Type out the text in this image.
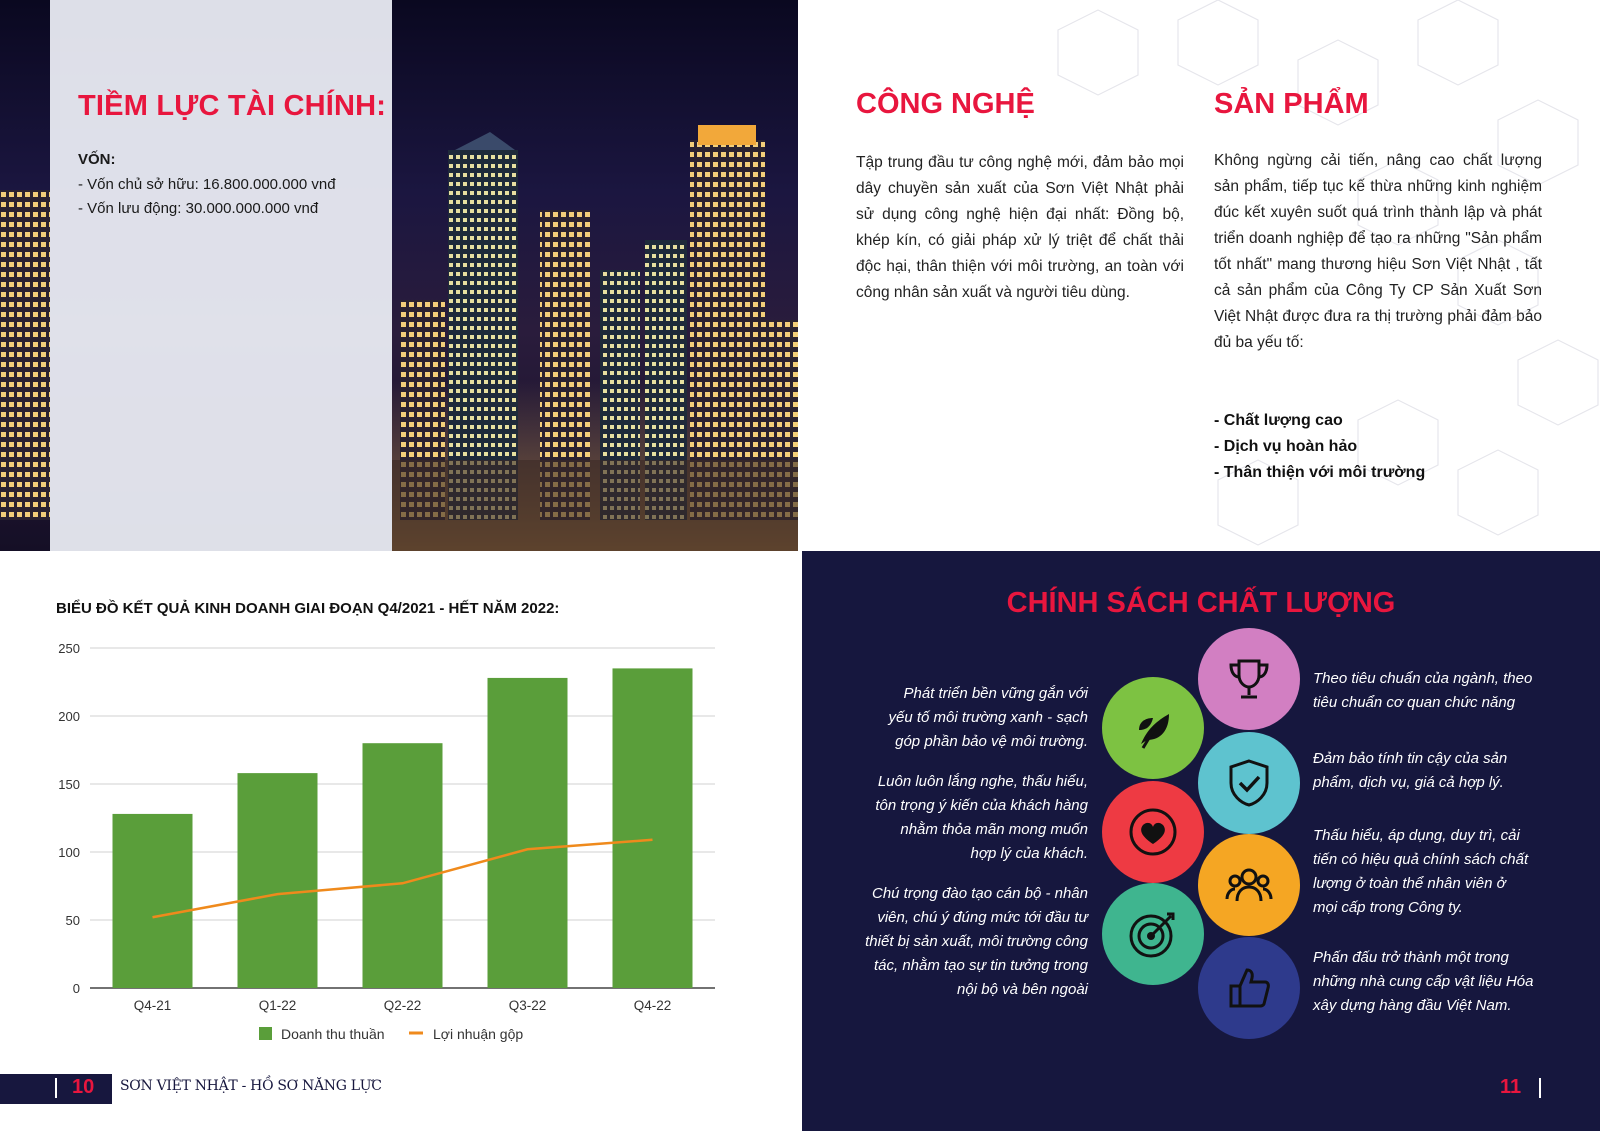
TIỀM LỰC TÀI CHÍNH:
VỐN:
- Vốn chủ sở hữu: 16.800.000.000 vnđ
- Vốn lưu động: 30.000.000.000 vnđ
CÔNG NGHỆ
Tập trung đầu tư công nghệ mới, đảm bảo mọi dây chuyền sản xuất của Sơn Việt Nhật phải sử dụng công nghệ hiện đại nhất: Đồng bộ, khép kín, có giải pháp xử lý triệt để chất thải độc hại, thân thiện với môi trường, an toàn với công nhân sản xuất và người tiêu dùng.
SẢN PHẨM
Không ngừng cải tiến, nâng cao chất lượng sản phẩm, tiếp tục kế thừa những kinh nghiệm đúc kết xuyên suốt quá trình thành lập và phát triển doanh nghiệp để tạo ra những "Sản phẩm tốt nhất" mang thương hiệu Sơn Việt Nhật , tất cả sản phẩm của Công Ty CP Sản Xuất Sơn Việt Nhật được đưa ra thị trường phải đảm bảo đủ ba yếu tố:
- Chất lượng cao
- Dịch vụ hoàn hảo
- Thân thiện với môi trường
BIỂU ĐỒ KẾT QUẢ KINH DOANH GIAI ĐOẠN Q4/2021 - HẾT NĂM 2022:
0
50
100
150
200
250
Q4-21	Q1-22	Q2-22	Q3-22	Q4-22
Doanh thu thuần	Lợi nhuận gộp
10 SƠN VIỆT NHẬT - HỒ SƠ NĂNG LỰC
CHÍNH SÁCH CHẤT LƯỢNG
Phát triển bền vững gắn với
yếu tố môi trường xanh - sạch
góp phần bảo vệ môi trường.
Luôn luôn lắng nghe, thấu hiểu,
tôn trọng ý kiến của khách hàng
nhằm thỏa mãn mong muốn
hợp lý của khách.
Chú trọng đào tạo cán bộ - nhân
viên, chú ý đúng mức tới đầu tư
thiết bị sản xuất, môi trường công
tác, nhằm tạo sự tin tưởng trong
nội bộ và bên ngoài
Theo tiêu chuẩn của ngành, theo
tiêu chuẩn cơ quan chức năng
Đảm bảo tính tin cậy của sản
phẩm, dịch vụ, giá cả hợp lý.
Thấu hiểu, áp dụng, duy trì, cải
tiến có hiệu quả chính sách chất
lượng ở toàn thể nhân viên ở
mọi cấp trong Công ty.
Phấn đấu trở thành một trong
những nhà cung cấp vật liệu Hóa
xây dựng hàng đầu Việt Nam.
11
